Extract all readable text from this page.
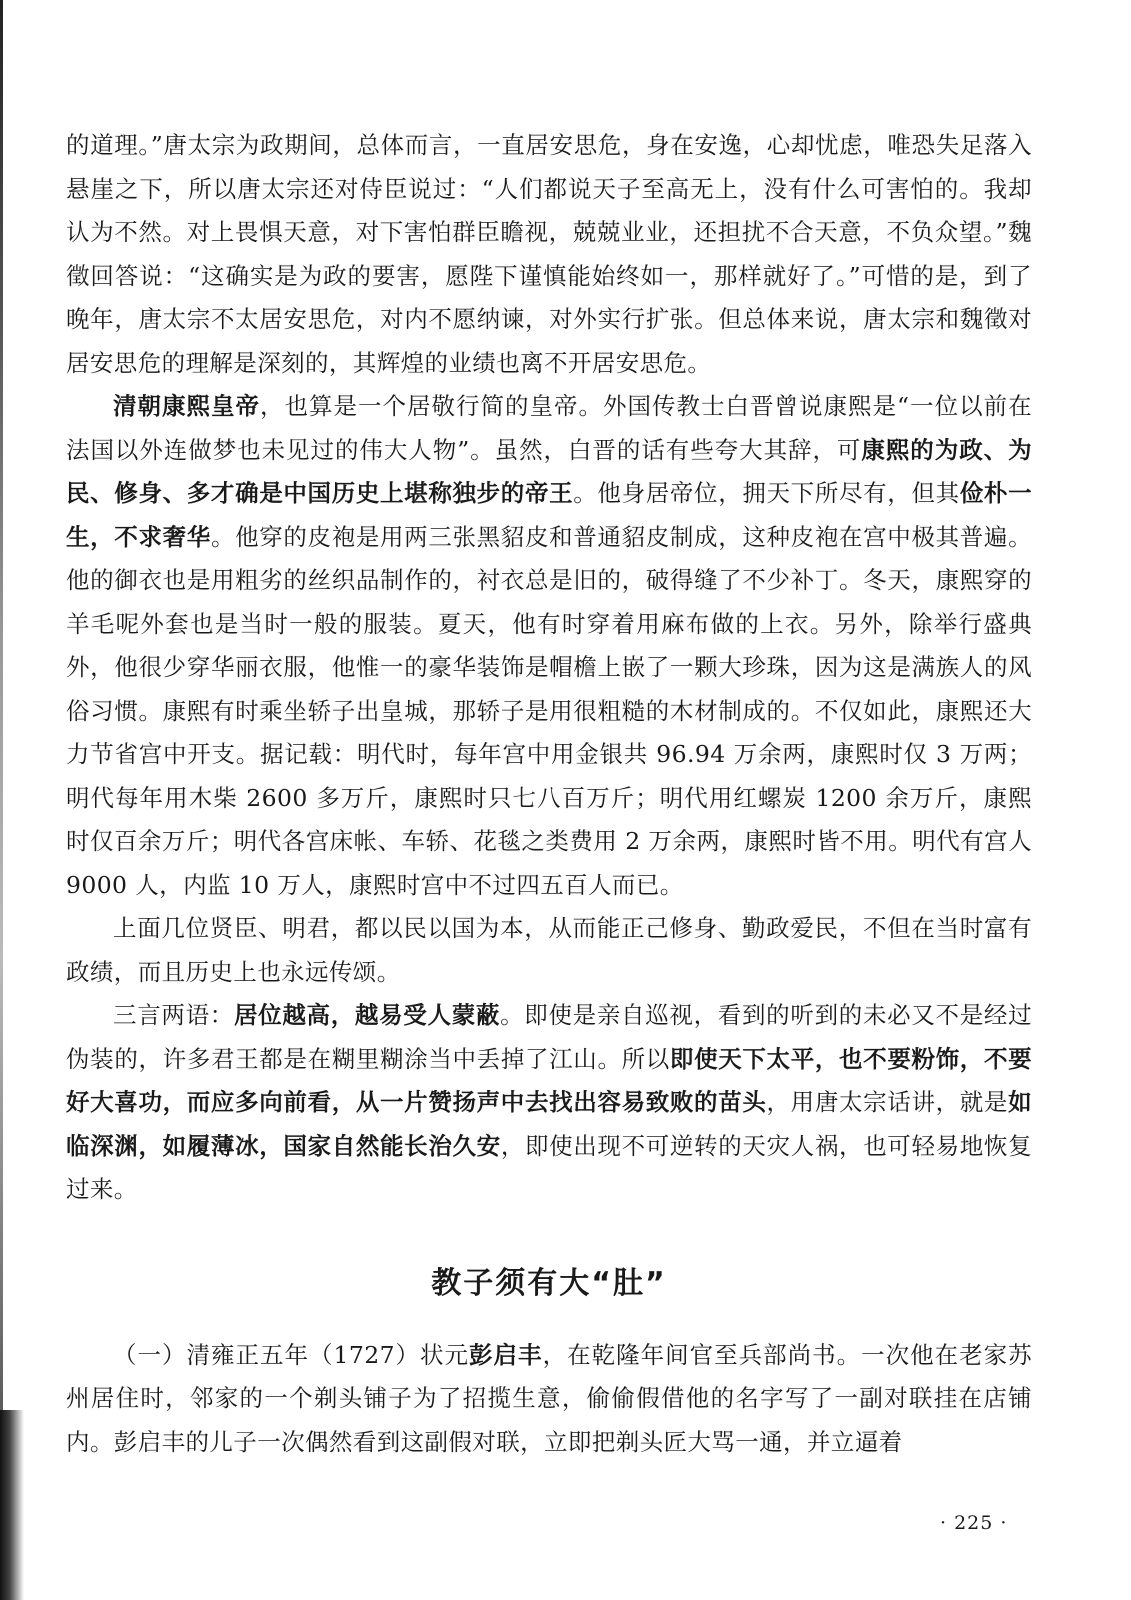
的道理。”唐太宗为政期间，总体而言，一直居安思危，身在安逸，心却忧虑，唯恐失足落入悬崖之下，所以唐太宗还对侍臣说过：“人们都说天子至高无上，没有什么可害怕的。我却认为不然。对上畏惧天意，对下害怕群臣瞻视，兢兢业业，还担扰不合天意，不负众望。”魏徵回答说：“这确实是为政的要害，愿陛下谨慎能始终如一，那样就好了。”可惜的是，到了晚年，唐太宗不太居安思危，对内不愿纳谏，对外实行扩张。但总体来说，唐太宗和魏徵对居安思危的理解是深刻的，其辉煌的业绩也离不开居安思危。

清朝康熙皇帝，也算是一个居敬行简的皇帝。外国传教士白晋曾说康熙是“一位以前在法国以外连做梦也未见过的伟大人物”。虽然，白晋的话有些夸大其辞，可康熙的为政、为民、修身、多才确是中国历史上堪称独步的帝王。他身居帝位，拥天下所尽有，但其俭朴一生，不求奢华。他穿的皮袍是用两三张黑貂皮和普通貂皮制成，这种皮袍在宫中极其普遍。他的御衣也是用粗劣的丝织品制作的，衬衣总是旧的，破得缝了不少补丁。冬天，康熙穿的羊毛呢外套也是当时一般的服装。夏天，他有时穿着用麻布做的上衣。另外，除举行盛典外，他很少穿华丽衣服，他惟一的豪华装饰是帽檐上嵌了一颗大珍珠，因为这是满族人的风俗习惯。康熙有时乘坐轿子出皇城，那轿子是用很粗糙的木材制成的。不仅如此，康熙还大力节省宫中开支。据记载：明代时，每年宫中用金银共 96.94 万余两，康熙时仅 3 万两；明代每年用木柴 2600 多万斤，康熙时只七八百万斤；明代用红螺炭 1200 余万斤，康熙时仅百余万斤；明代各宫床帐、车轿、花毯之类费用 2 万余两，康熙时皆不用。明代有宫人 9000 人，内监 10 万人，康熙时宫中不过四五百人而已。

上面几位贤臣、明君，都以民以国为本，从而能正己修身、勤政爱民，不但在当时富有政绩，而且历史上也永远传颂。

三言两语：居位越高，越易受人蒙蔽。即使是亲自巡视，看到的听到的未必又不是经过伪装的，许多君王都是在糊里糊涂当中丢掉了江山。所以即使天下太平，也不要粉饰，不要好大喜功，而应多向前看，从一片赞扬声中去找出容易致败的苗头，用唐太宗话讲，就是如临深渊，如履薄冰，国家自然能长治久安，即使出现不可逆转的天灾人祸，也可轻易地恢复过来。

教子须有大“肚”

（一）清雍正五年（1727）状元彭启丰，在乾隆年间官至兵部尚书。一次他在老家苏州居住时，邻家的一个剃头铺子为了招揽生意，偷偷假借他的名字写了一副对联挂在店铺内。彭启丰的儿子一次偶然看到这副假对联，立即把剃头匠大骂一通，并立逼着

· 225 ·
